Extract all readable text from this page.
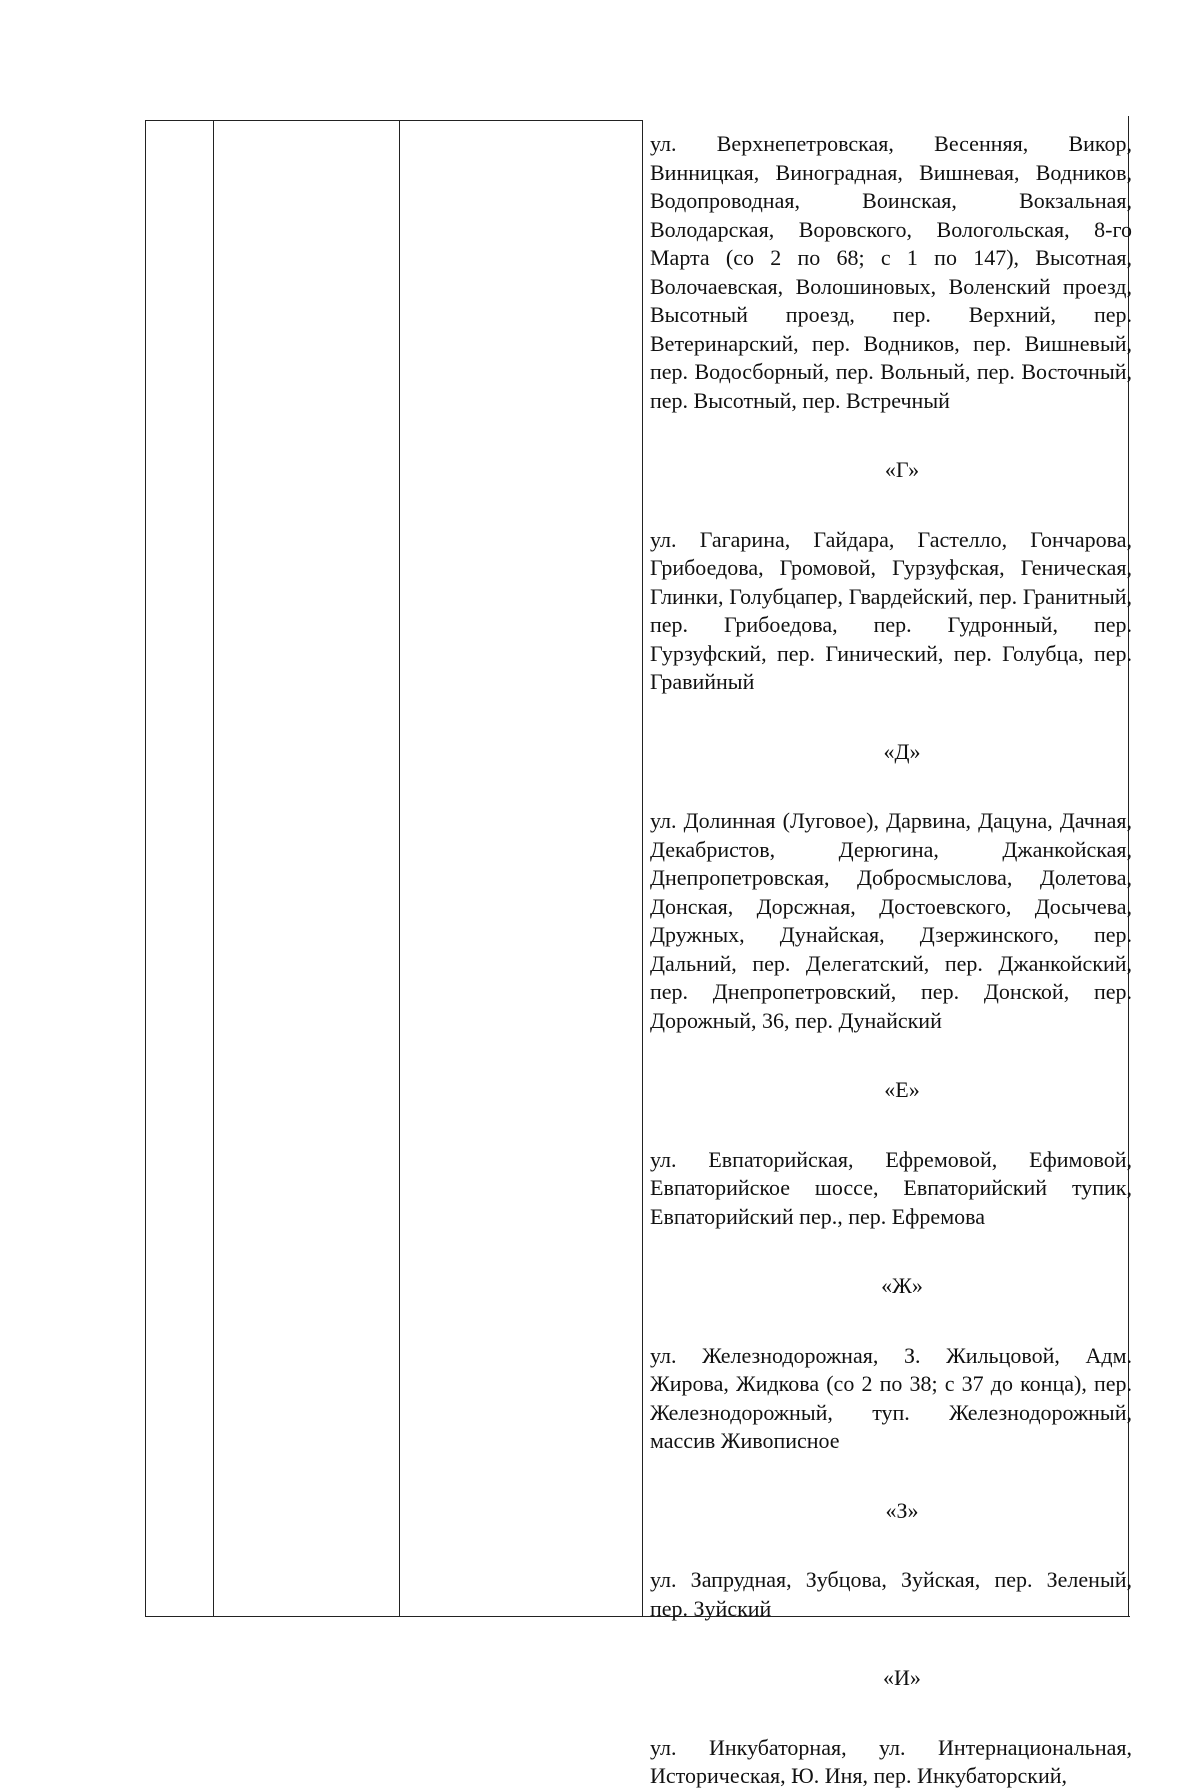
ул. Верхнепетровская, Весенняя, Викор, Винницкая, Виноградная, Вишневая, Водников, Водопроводная, Воинская, Вокзальная, Володарская, Воровского, Вологольская, 8-го Марта (со 2 по 68; с 1 по 147), Высотная, Волочаевская, Волошиновых, Воленский проезд, Высотный проезд, пер. Верхний, пер. Ветеринарский, пер. Водников, пер. Вишневый, пер. Водосборный, пер. Вольный, пер. Восточный, пер. Высотный, пер. Встречный

«Г»

ул. Гагарина, Гайдара, Гастелло, Гончарова, Грибоедова, Громовой, Гурзуфская, Геническая, Глинки, Голубцапер, Гвардейский, пер. Гранитный, пер. Грибоедова, пер. Гудронный, пер. Гурзуфский, пер. Гинический, пер. Голубца, пер. Гравийный

«Д»

ул. Долинная (Луговое), Дарвина, Дацуна, Дачная, Декабристов, Дерюгина, Джанкойская, Днепропетровская, Добросмыслова, Долетова, Донская, Дорсжная, Достоевского, Досычева, Дружных, Дунайская, Дзержинского, пер. Дальний, пер. Делегатский, пер. Джанкойский, пер. Днепропетровский, пер. Донской, пер. Дорожный, 36, пер. Дунайский

«Е»

ул. Евпаторийская, Ефремовой, Ефимовой, Евпаторийское шоссе, Евпаторийский тупик, Евпаторийский пер., пер. Ефремова

«Ж»

ул. Железнодорожная, З. Жильцовой, Адм. Жирова, Жидкова (со 2 по 38; с 37 до конца), пер. Железнодорожный, туп. Железнодорожный, массив Живописное

«З»

ул. Запрудная, Зубцова, Зуйская, пер. Зеленый, пер. Зуйский

«И»

ул. Инкубаторная, ул. Интернациональная, Историческая, Ю. Иня, пер. Инкубаторский,
